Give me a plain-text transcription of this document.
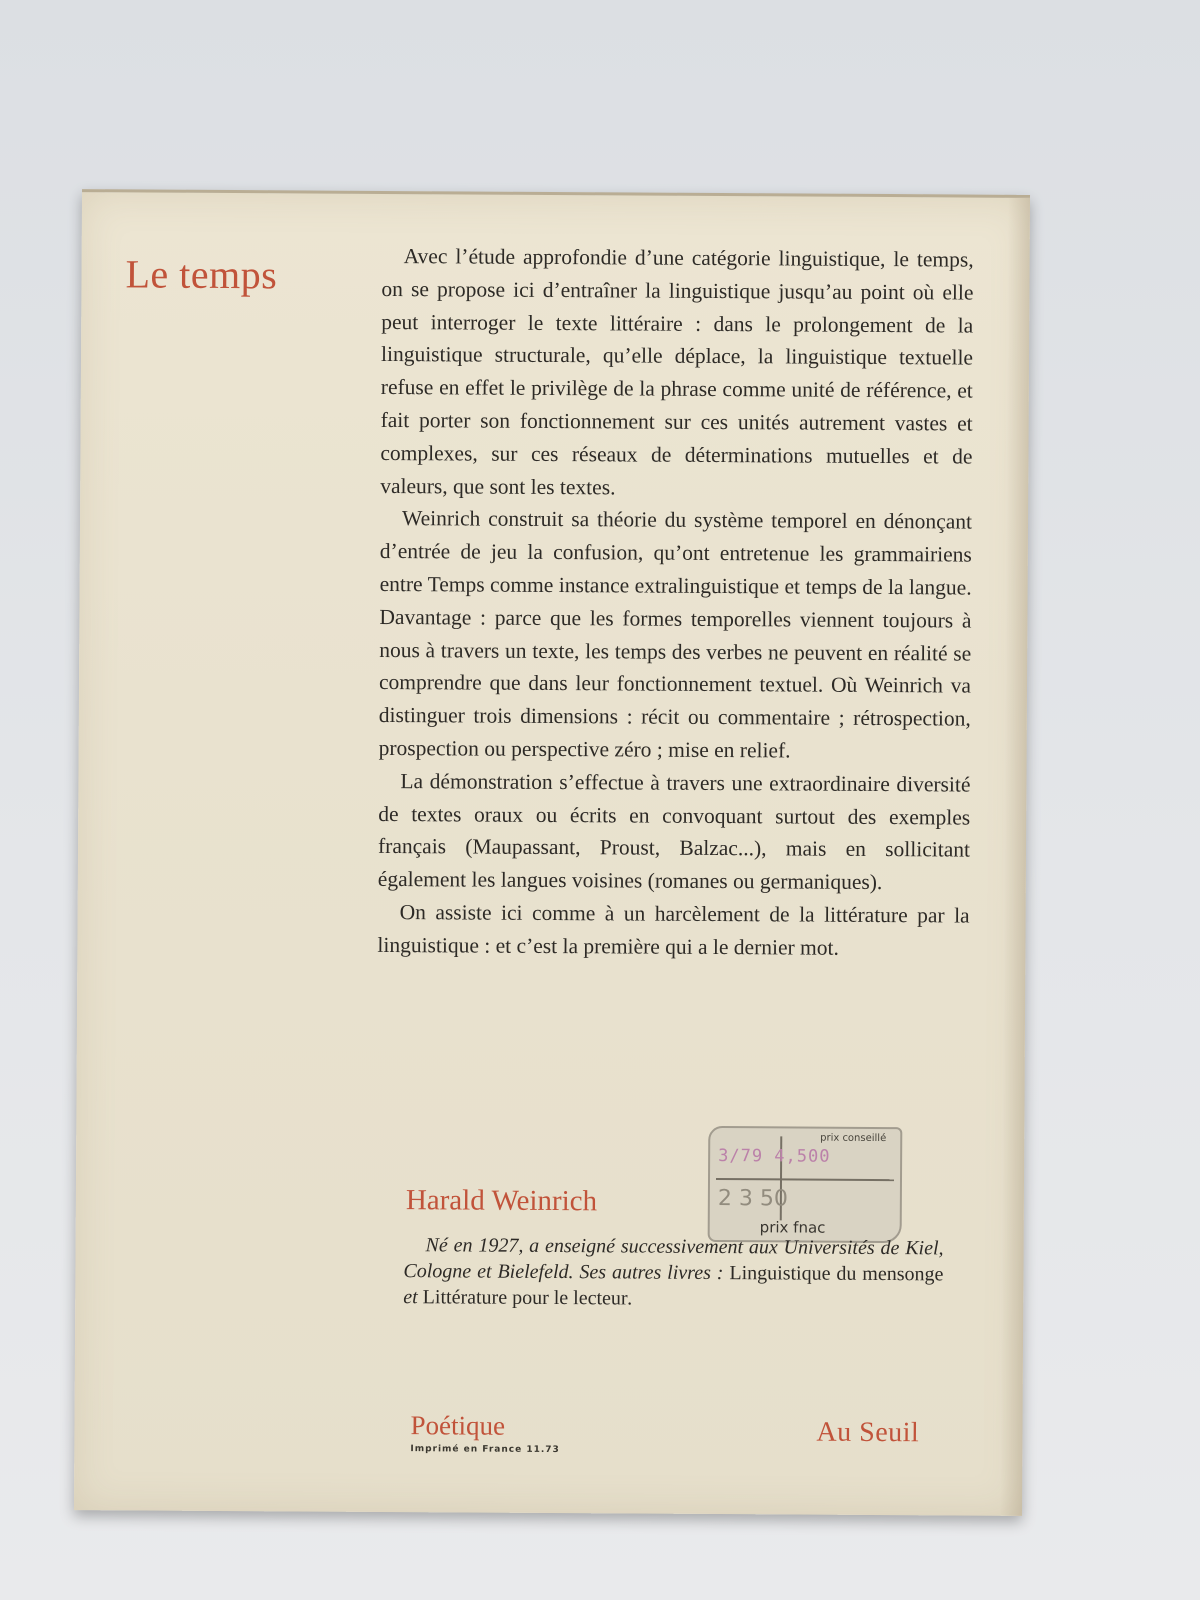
Le temps	Avec l’étude approfondie d’une catégorie linguistique, le temps, on se propose ici d’entraîner la linguistique jusqu’au point où elle peut interroger le texte littéraire : dans le prolongement de la linguistique structurale, qu’elle déplace, la linguistique textuelle refuse en effet le privilège de la phrase comme unité de référence, et fait porter son fonctionnement sur ces unités autrement vastes et complexes, sur ces réseaux de déterminations mutuelles et de valeurs, que sont les textes.

Weinrich construit sa théorie du système temporel en dénonçant d’entrée de jeu la confusion, qu’ont entretenue les grammairiens entre Temps comme instance extralinguistique et temps de la langue. Davantage : parce que les formes temporelles viennent toujours à nous à travers un texte, les temps des verbes ne peuvent en réalité se comprendre que dans leur fonctionnement textuel. Où Weinrich va distinguer trois dimensions : récit ou commentaire ; rétrospection, prospection ou perspective zéro ; mise en relief.

La démonstration s’effectue à travers une extraordinaire diversité de textes oraux ou écrits en convoquant surtout des exemples français (Maupassant, Proust, Balzac...), mais en sollicitant également les langues voisines (romanes ou germaniques).

On assiste ici comme à un harcèlement de la littérature par la linguistique : et c’est la première qui a le dernier mot.

prix conseillé
3/79 4,500
2 3 50
prix fnac
Harald Weinrich
Né en 1927, a enseigné successivement aux Universités de Kiel, Cologne et Bielefeld. Ses autres livres : Linguistique du mensonge et Littérature pour le lecteur.

Poétique

Imprimé en France 11.73
Au Seuil
